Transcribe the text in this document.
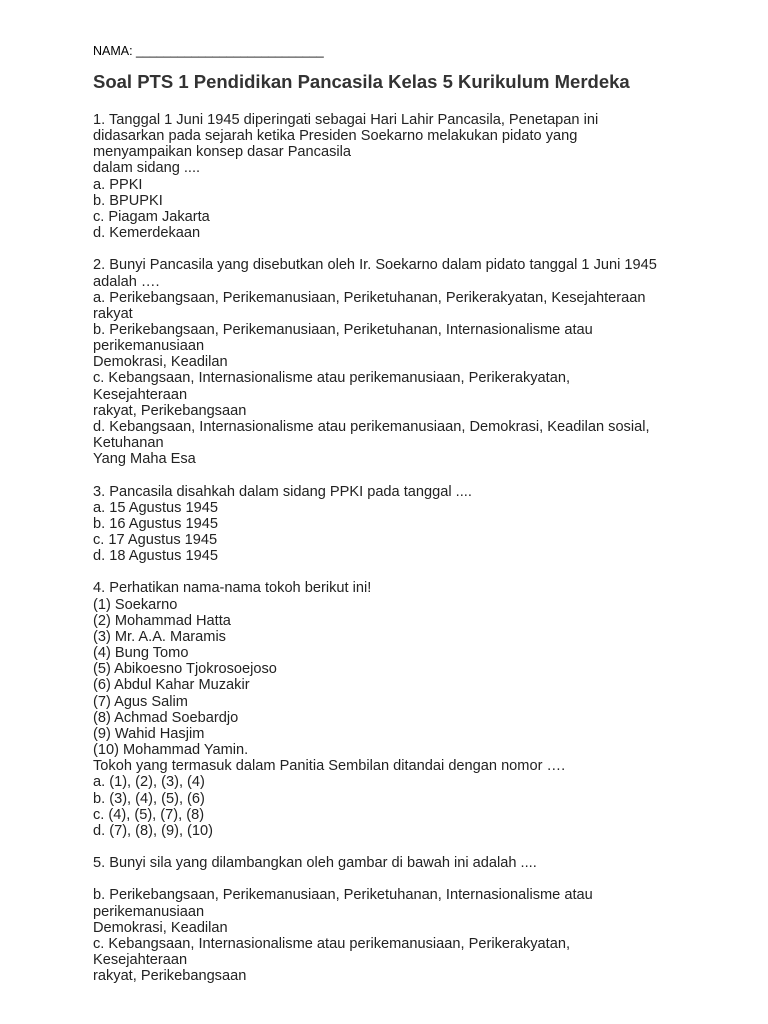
NAMA: ___________________________
Soal PTS 1 Pendidikan Pancasila Kelas 5 Kurikulum Merdeka
1. Tanggal 1 Juni 1945 diperingati sebagai Hari Lahir Pancasila, Penetapan ini
didasarkan pada sejarah ketika Presiden Soekarno melakukan pidato yang
menyampaikan konsep dasar Pancasila
dalam sidang ....
a. PPKI
b. BPUPKI
c. Piagam Jakarta
d. Kemerdekaan
2. Bunyi Pancasila yang disebutkan oleh Ir. Soekarno dalam pidato tanggal 1 Juni 1945
adalah ….
a. Perikebangsaan, Perikemanusiaan, Periketuhanan, Perikerakyatan, Kesejahteraan
rakyat
b. Perikebangsaan, Perikemanusiaan, Periketuhanan, Internasionalisme atau
perikemanusiaan
Demokrasi, Keadilan
c. Kebangsaan, Internasionalisme atau perikemanusiaan, Perikerakyatan,
Kesejahteraan
rakyat, Perikebangsaan
d. Kebangsaan, Internasionalisme atau perikemanusiaan, Demokrasi, Keadilan sosial,
Ketuhanan
Yang Maha Esa
3. Pancasila disahkah dalam sidang PPKI pada tanggal ....
a. 15 Agustus 1945
b. 16 Agustus 1945
c. 17 Agustus 1945
d. 18 Agustus 1945
4. Perhatikan nama-nama tokoh berikut ini!
(1) Soekarno
(2) Mohammad Hatta
(3) Mr. A.A. Maramis
(4) Bung Tomo
(5) Abikoesno Tjokrosoejoso
(6) Abdul Kahar Muzakir
(7) Agus Salim
(8) Achmad Soebardjo
(9) Wahid Hasjim
(10) Mohammad Yamin.
Tokoh yang termasuk dalam Panitia Sembilan ditandai dengan nomor ….
a. (1), (2), (3), (4)
b. (3), (4), (5), (6)
c. (4), (5), (7), (8)
d. (7), (8), (9), (10)
5. Bunyi sila yang dilambangkan oleh gambar di bawah ini adalah ....
b. Perikebangsaan, Perikemanusiaan, Periketuhanan, Internasionalisme atau
perikemanusiaan
Demokrasi, Keadilan
c. Kebangsaan, Internasionalisme atau perikemanusiaan, Perikerakyatan,
Kesejahteraan
rakyat, Perikebangsaan
